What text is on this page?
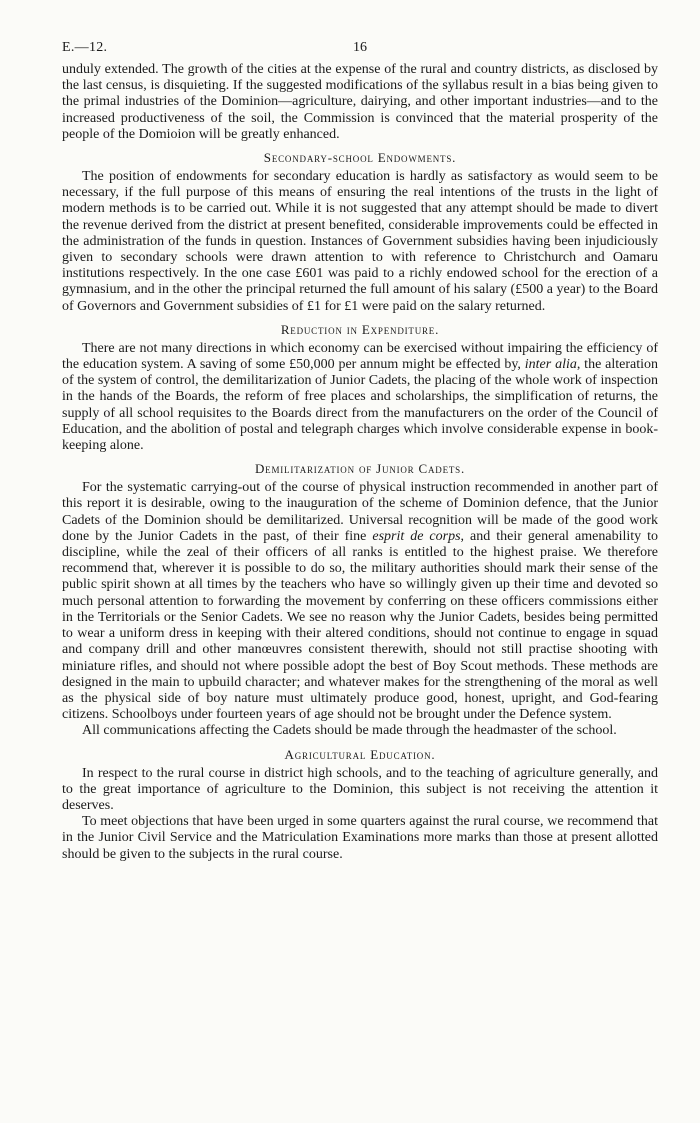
E.—12.	16

unduly extended. The growth of the cities at the expense of the rural and country districts, as disclosed by the last census, is disquieting. If the suggested modifications of the syllabus result in a bias being given to the primal industries of the Dominion—agriculture, dairying, and other important industries—and to the increased productiveness of the soil, the Commission is convinced that the material prosperity of the people of the Domioion will be greatly enhanced.

Secondary-school Endowments.

The position of endowments for secondary education is hardly as satisfactory as would seem to be necessary, if the full purpose of this means of ensuring the real intentions of the trusts in the light of modern methods is to be carried out. While it is not suggested that any attempt should be made to divert the revenue derived from the district at present benefited, considerable improvements could be effected in the administration of the funds in question. Instances of Government subsidies having been injudiciously given to secondary schools were drawn attention to with reference to Christchurch and Oamaru institutions respectively. In the one case £601 was paid to a richly endowed school for the erection of a gymnasium, and in the other the principal returned the full amount of his salary (£500 a year) to the Board of Governors and Government subsidies of £1 for £1 were paid on the salary returned.

Reduction in Expenditure.

There are not many directions in which economy can be exercised without impairing the efficiency of the education system. A saving of some £50,000 per annum might be effected by, inter alia, the alteration of the system of control, the demilitarization of Junior Cadets, the placing of the whole work of inspection in the hands of the Boards, the reform of free places and scholarships, the simplification of returns, the supply of all school requisites to the Boards direct from the manufacturers on the order of the Council of Education, and the abolition of postal and telegraph charges which involve considerable expense in book-keeping alone.

Demilitarization of Junior Cadets.

For the systematic carrying-out of the course of physical instruction recommended in another part of this report it is desirable, owing to the inauguration of the scheme of Dominion defence, that the Junior Cadets of the Dominion should be demilitarized. Universal recognition will be made of the good work done by the Junior Cadets in the past, of their fine esprit de corps, and their general amenability to discipline, while the zeal of their officers of all ranks is entitled to the highest praise. We therefore recommend that, wherever it is possible to do so, the military authorities should mark their sense of the public spirit shown at all times by the teachers who have so willingly given up their time and devoted so much personal attention to forwarding the movement by conferring on these officers commissions either in the Territorials or the Senior Cadets. We see no reason why the Junior Cadets, besides being permitted to wear a uniform dress in keeping with their altered conditions, should not continue to engage in squad and company drill and other manœuvres consistent therewith, should not still practise shooting with miniature rifles, and should not where possible adopt the best of Boy Scout methods. These methods are designed in the main to upbuild character; and whatever makes for the strengthening of the moral as well as the physical side of boy nature must ultimately produce good, honest, upright, and God-fearing citizens. Schoolboys under fourteen years of age should not be brought under the Defence system.

All communications affecting the Cadets should be made through the headmaster of the school.

Agricultural Education.

In respect to the rural course in district high schools, and to the teaching of agriculture generally, and to the great importance of agriculture to the Dominion, this subject is not receiving the attention it deserves.

To meet objections that have been urged in some quarters against the rural course, we recommend that in the Junior Civil Service and the Matriculation Examinations more marks than those at present allotted should be given to the subjects in the rural course.
